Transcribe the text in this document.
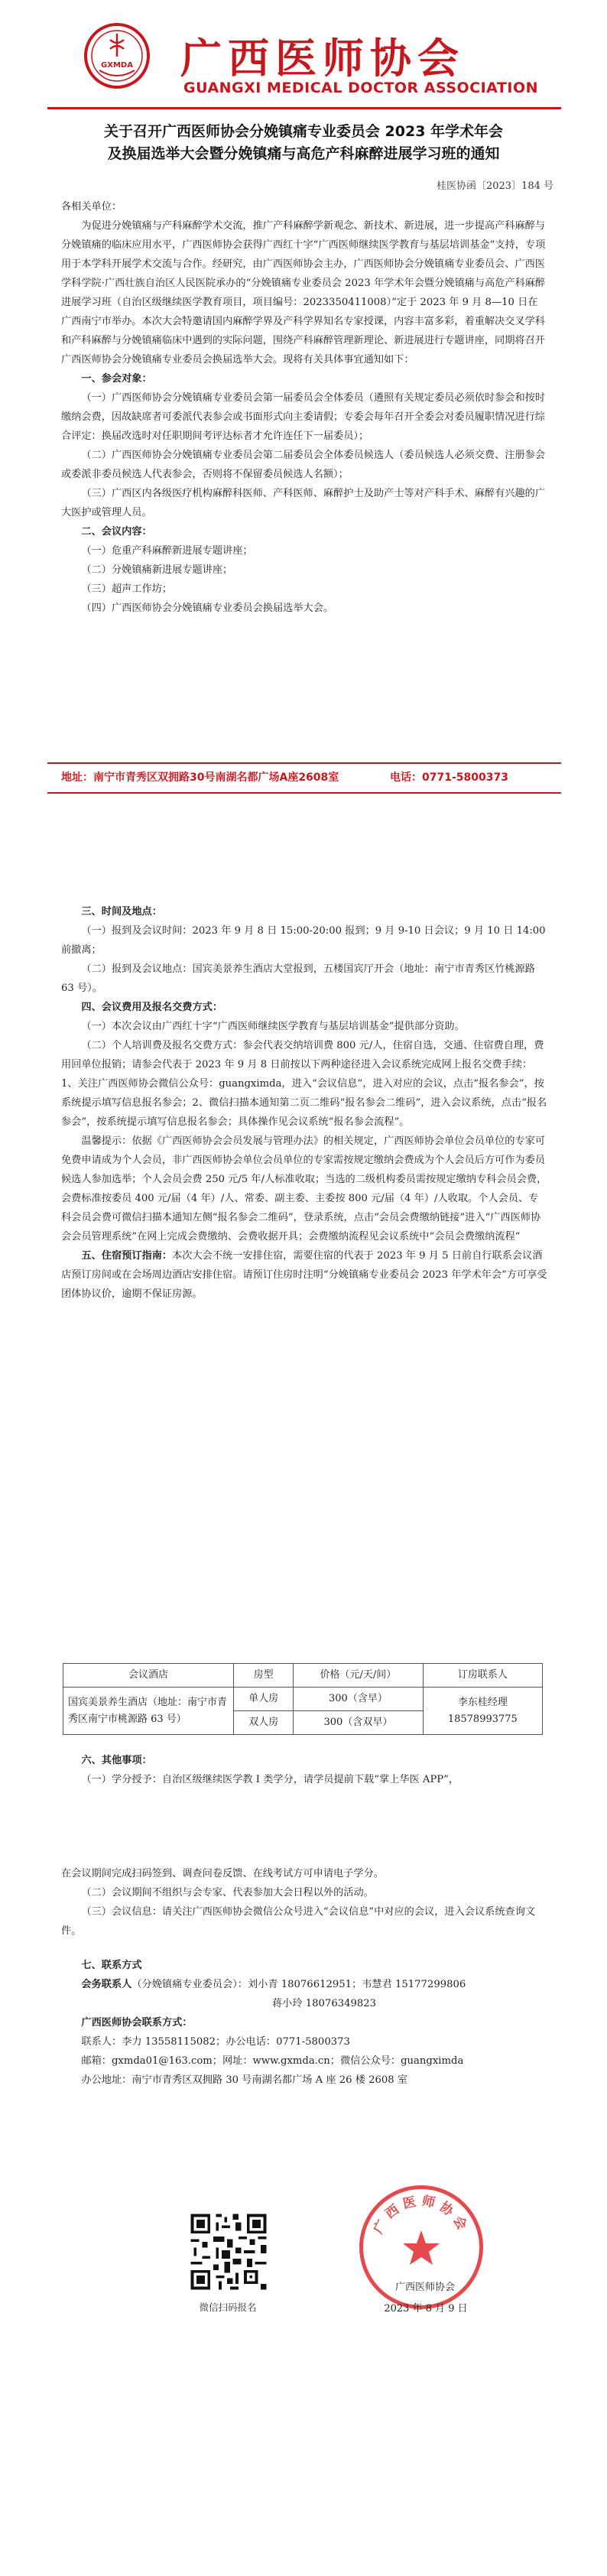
GXMDA	广西医师协会
GUANGXI MEDICAL DOCTOR ASSOCIATION
关于召开广西医师协会分娩镇痛专业委员会 2023 年学术年会
及换届选举大会暨分娩镇痛与高危产科麻醉进展学习班的通知
桂医协函〔2023〕184 号

各相关单位：

为促进分娩镇痛与产科麻醉学术交流，推广产科麻醉学新观念、新技术、新进展，进一步提高产科麻醉与分娩镇痛的临床应用水平，广西医师协会获得广西红十字“广西医师继续医学教育与基层培训基金”支持，专项用于本学科开展学术交流与合作。经研究，由广西医师协会主办，广西医师协会分娩镇痛专业委员会、广西医学科学院·广西壮族自治区人民医院承办的“分娩镇痛专业委员会 2023 年学术年会暨分娩镇痛与高危产科麻醉进展学习班（自治区级继续医学教育项目，项目编号：2023350411008）”定于 2023 年 9 月 8—10 日在广西南宁市举办。本次大会特邀请国内麻醉学界及产科学界知名专家授课，内容丰富多彩，着重解决交叉学科和产科麻醉与分娩镇痛临床中遇到的实际问题，围绕产科麻醉管理新理论、新进展进行专题讲座，同期将召开广西医师协会分娩镇痛专业委员会换届选举大会。现将有关具体事宜通知如下：

一、参会对象：

（一）广西医师协会分娩镇痛专业委员会第一届委员会全体委员（遴照有关规定委员必须依时参会和按时缴纳会费，因故缺席者可委派代表参会或书面形式向主委请假；专委会每年召开全委会对委员履职情况进行综合评定：换届改选时对任职期间考评达标者才允许连任下一届委员）；

（二）广西医师协会分娩镇痛专业委员会第二届委员会全体委员候选人（委员候选人必须交费、注册参会或委派非委员候选人代表参会，否则将不保留委员候选人名额）；

（三）广西区内各级医疗机构麻醉科医师、产科医师、麻醉护士及助产士等对产科手术、麻醉有兴趣的广大医护或管理人员。

二、会议内容：

（一）危重产科麻醉新进展专题讲座；

（二）分娩镇痛新进展专题讲座；

（三）超声工作坊；

（四）广西医师协会分娩镇痛专业委员会换届选举大会。

地址：南宁市青秀区双拥路30号南湖名都广场A座2608室	电话：0771-5800373

三、时间及地点：

（一）报到及会议时间：2023 年 9 月 8 日 15:00-20:00 报到；9 月 9-10 日会议；9 月 10 日 14:00 前撤离；

（二）报到及会议地点：国宾美景养生酒店大堂报到，五楼国宾厅开会（地址：南宁市青秀区竹桃源路 63 号）。

四、会议费用及报名交费方式：

（一）本次会议由广西红十字“广西医师继续医学教育与基层培训基金”提供部分资助。

（二）个人培训费及报名交费方式：参会代表交纳培训费 800 元/人，住宿自选，交通、住宿费自理，费用回单位报销；请参会代表于 2023 年 9 月 8 日前按以下两种途径进入会议系统完成网上报名交费手续：1、关注广西医师协会微信公众号：guangximda，进入“会议信息”，进入对应的会议，点击“报名参会”，按系统提示填写信息报名参会；2、微信扫描本通知第二页二维码“报名参会二维码”，进入会议系统，点击“报名参会”，按系统提示填写信息报名参会；具体操作见会议系统“报名参会流程”。

温馨提示：依据《广西医师协会会员发展与管理办法》的相关规定，广西医师协会单位会员单位的专家可免费申请成为个人会员，非广西医师协会单位会员单位的专家需按规定缴纳会费成为个人会员后方可作为委员候选人参加选举；个人会员会费 250 元/5 年/人标准收取；当选的二级机构委员需按规定缴纳专科会员会费，会费标准按委员 400 元/届（4 年）/人、常委、副主委、主委按 800 元/届（4 年）/人收取。个人会员、专科会员会费可微信扫描本通知左侧“报名参会二维码”，登录系统，点击“会员会费缴纳链接”进入“广西医师协会会员管理系统”在网上完成会费缴纳、会费收据开具；会费缴纳流程见会议系统中“会员会费缴纳流程”

五、住宿预订指南：本次大会不统一安排住宿，需要住宿的代表于 2023 年 9 月 5 日前自行联系会议酒店预订房间或在会场周边酒店安排住宿。请预订住房时注明“分娩镇痛专业委员会 2023 年学术年会”方可享受团体协议价，逾期不保证房源。

会议酒店	房型	价格（元/天/间）	订房联系人
国宾美景养生酒店（地址：南宁市青秀区南宁市桃源路 63 号）	单人房	300（含早）	李东桂经理
18578993775

	双人房	300（含双早）	

六、其他事项：

（一）学分授予：自治区级继续医学教 I 类学分，请学员提前下载“掌上华医 APP”，

在会议期间完成扫码签到、调查问卷反馈、在线考试方可申请电子学分。

（二）会议期间不组织与会专家、代表参加大会日程以外的活动。

（三）会议信息：请关注广西医师协会微信公众号进入“会议信息”中对应的会议，进入会议系统查询文件。

七、联系方式

会务联系人（分娩镇痛专业委员会）：刘小青 18076612951；韦慧君 15177299806

蒋小玲 18076349823

广西医师协会联系方式：

联系人：李力 13558115082；办公电话：0771-5800373

邮箱：gxmda01@163.com；网址：www.gxmda.cn；微信公众号：guangximda

办公地址：南宁市青秀区双拥路 30 号南湖名都广场 A 座 26 楼 2608 室

微信扫码报名
广西医师协会
广西医师协会
2023 年 8 月 9 日
